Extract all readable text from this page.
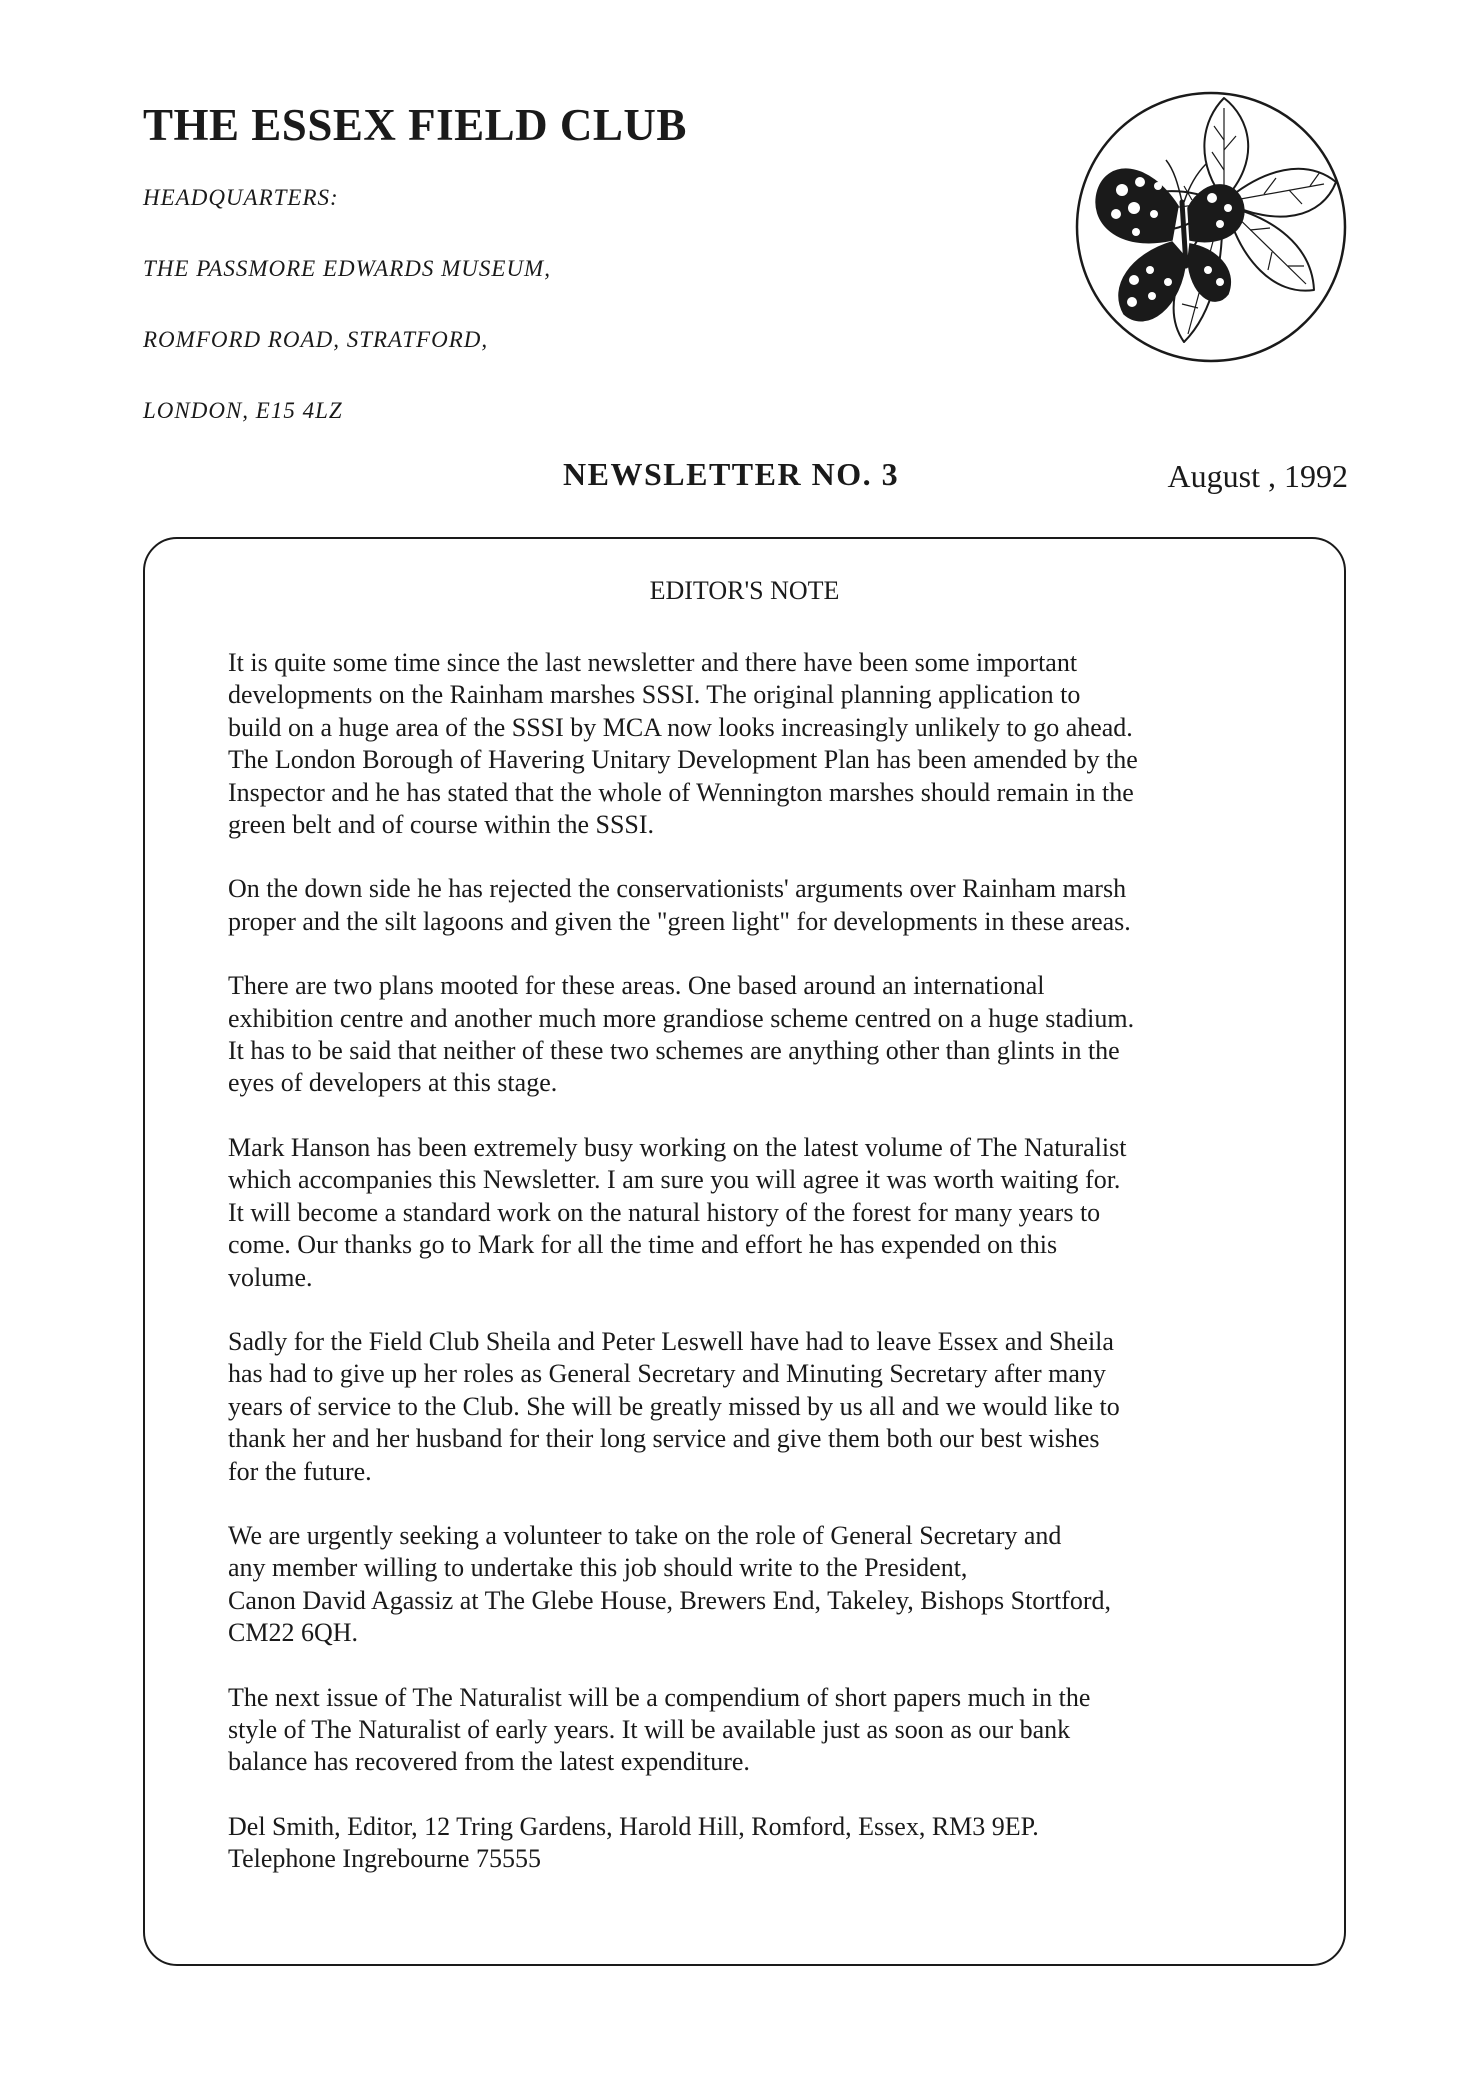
THE ESSEX FIELD CLUB

HEADQUARTERS:

THE PASSMORE EDWARDS MUSEUM,

ROMFORD ROAD, STRATFORD,

LONDON, E15 4LZ

NEWSLETTER NO. 3	August , 1992

EDITOR'S NOTE

It is quite some time since the last newsletter and there have been some important
developments on the Rainham marshes SSSI. The original planning application to
build on a huge area of the SSSI by MCA now looks increasingly unlikely to go ahead.
The London Borough of Havering Unitary Development Plan has been amended by the
Inspector and he has stated that the whole of Wennington marshes should remain in the
green belt and of course within the SSSI.

On the down side he has rejected the conservationists' arguments over Rainham marsh
proper and the silt lagoons and given the "green light" for developments in these areas.

There are two plans mooted for these areas. One based around an international
exhibition centre and another much more grandiose scheme centred on a huge stadium.
It has to be said that neither of these two schemes are anything other than glints in the
eyes of developers at this stage.

Mark Hanson has been extremely busy working on the latest volume of The Naturalist
which accompanies this Newsletter. I am sure you will agree it was worth waiting for.
It will become a standard work on the natural history of the forest for many years to
come. Our thanks go to Mark for all the time and effort he has expended on this
volume.

Sadly for the Field Club Sheila and Peter Leswell have had to leave Essex and Sheila
has had to give up her roles as General Secretary and Minuting Secretary after many
years of service to the Club. She will be greatly missed by us all and we would like to
thank her and her husband for their long service and give them both our best wishes
for the future.

We are urgently seeking a volunteer to take on the role of General Secretary and
any member willing to undertake this job should write to the President,
Canon David Agassiz at The Glebe House, Brewers End, Takeley, Bishops Stortford,
CM22 6QH.

The next issue of The Naturalist will be a compendium of short papers much in the
style of The Naturalist of early years. It will be available just as soon as our bank
balance has recovered from the latest expenditure.

Del Smith, Editor, 12 Tring Gardens, Harold Hill, Romford, Essex, RM3 9EP.
Telephone Ingrebourne 75555
